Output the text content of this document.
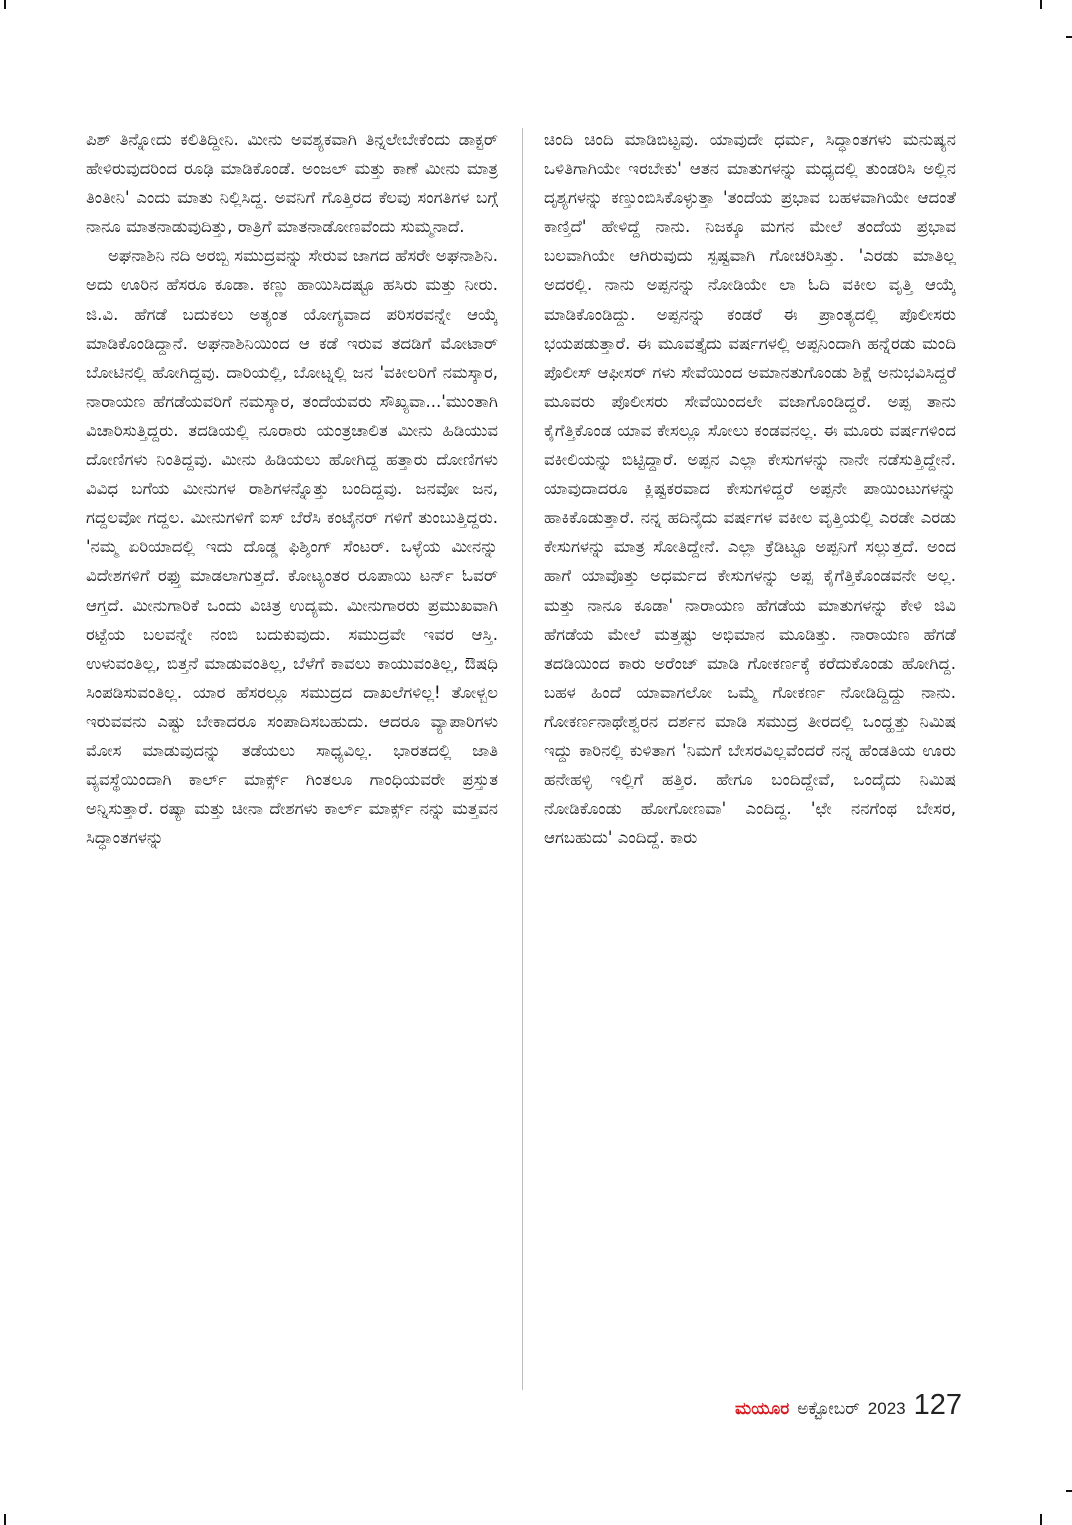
ಪಿಶ್ ತಿನ್ನೋದು ಕಲಿತಿದ್ದೀನಿ. ಮೀನು ಅವಶ್ಯಕವಾಗಿ ತಿನ್ನಲೇಬೇಕೆಂದು ಡಾಕ್ಟರ್ ಹೇಳಿರುವುದರಿಂದ ರೂಢಿ ಮಾಡಿಕೊಂಡೆ. ಅಂಜಲ್ ಮತ್ತು ಕಾಣೆ ಮೀನು ಮಾತ್ರ ತಿಂತೀನಿ' ಎಂದು ಮಾತು ನಿಲ್ಲಿಸಿದ್ದ. ಅವನಿಗೆ ಗೊತ್ತಿರದ ಕೆಲವು ಸಂಗತಿಗಳ ಬಗ್ಗೆ ನಾನೂ ಮಾತನಾಡುವುದಿತ್ತು, ರಾತ್ರಿಗೆ ಮಾತನಾಡೋಣವೆಂದು ಸುಮ್ಮನಾದೆ.

ಅಘನಾಶಿನಿ ನದಿ ಅರಬ್ಬಿ ಸಮುದ್ರವನ್ನು ಸೇರುವ ಜಾಗದ ಹೆಸರೇ ಅಘನಾಶಿನಿ. ಅದು ಊರಿನ ಹೆಸರೂ ಕೂಡಾ. ಕಣ್ಣು ಹಾಯಿಸಿದಷ್ಟೂ ಹಸಿರು ಮತ್ತು ನೀರು. ಜಿ.ವಿ. ಹೆಗಡೆ ಬದುಕಲು ಅತ್ಯಂತ ಯೋಗ್ಯವಾದ ಪರಿಸರವನ್ನೇ ಆಯ್ಕೆ ಮಾಡಿಕೊಂಡಿದ್ದಾನೆ. ಅಘನಾಶಿನಿಯಿಂದ ಆ ಕಡೆ ಇರುವ ತದಡಿಗೆ ಮೋಟಾರ್ ಬೋಟಿನಲ್ಲಿ ಹೋಗಿದ್ದವು. ದಾರಿಯಲ್ಲಿ, ಬೋಟ್ನಲ್ಲಿ ಜನ 'ವಕೀಲರಿಗೆ ನಮಸ್ಕಾರ, ನಾರಾಯಣ ಹೆಗಡೆಯವರಿಗೆ ನಮಸ್ಕಾರ, ತಂದೆಯವರು ಸೌಖ್ಯವಾ...'ಮುಂತಾಗಿ ವಿಚಾರಿಸುತ್ತಿದ್ದರು. ತದಡಿಯಲ್ಲಿ ನೂರಾರು ಯಂತ್ರಚಾಲಿತ ಮೀನು ಹಿಡಿಯುವ ದೋಣಿಗಳು ನಿಂತಿದ್ದವು. ಮೀನು ಹಿಡಿಯಲು ಹೋಗಿದ್ದ ಹತ್ತಾರು ದೋಣಿಗಳು ವಿವಿಧ ಬಗೆಯ ಮೀನುಗಳ ರಾಶಿಗಳನ್ನೊತ್ತು ಬಂದಿದ್ದವು. ಜನವೋ ಜನ, ಗದ್ದಲವೋ ಗದ್ದಲ. ಮೀನುಗಳಿಗೆ ಐಸ್ ಬೆರೆಸಿ ಕಂಟೈನರ್ ಗಳಿಗೆ ತುಂಬುತ್ತಿದ್ದರು. 'ನಮ್ಮ ಏರಿಯಾದಲ್ಲಿ ಇದು ದೊಡ್ಡ ಫಿಶ್ಶಿಂಗ್ ಸೆಂಟರ್. ಒಳ್ಳೆಯ ಮೀನನ್ನು ವಿದೇಶಗಳಿಗೆ ರಫ್ತು ಮಾಡಲಾಗುತ್ತದೆ. ಕೋಟ್ಯಂತರ ರೂಪಾಯಿ ಟರ್ನ್ ಓವರ್ ಆಗ್ತದೆ. ಮೀನುಗಾರಿಕೆ ಒಂದು ವಿಚಿತ್ರ ಉದ್ಯಮ. ಮೀನುಗಾರರು ಪ್ರಮುಖವಾಗಿ ರಟ್ಟೆಯ ಬಲವನ್ನೇ ನಂಬಿ ಬದುಕುವುದು. ಸಮುದ್ರವೇ ಇವರ ಆಸ್ತಿ. ಉಳುವಂತಿಲ್ಲ, ಬಿತ್ತನೆ ಮಾಡುವಂತಿಲ್ಲ, ಬೆಳೆಗೆ ಕಾವಲು ಕಾಯುವಂತಿಲ್ಲ, ಔಷಧಿ ಸಿಂಪಡಿಸುವಂತಿಲ್ಲ. ಯಾರ ಹೆಸರಲ್ಲೂ ಸಮುದ್ರದ ದಾಖಲೆಗಳಿಲ್ಲ! ತೋಳ್ಬಲ ಇರುವವನು ಎಷ್ಟು ಬೇಕಾದರೂ ಸಂಪಾದಿಸಬಹುದು. ಆದರೂ ವ್ಯಾಪಾರಿಗಳು ಮೋಸ ಮಾಡುವುದನ್ನು ತಡೆಯಲು ಸಾಧ್ಯವಿಲ್ಲ. ಭಾರತದಲ್ಲಿ ಜಾತಿ ವ್ಯವಸ್ಥೆಯಿಂದಾಗಿ ಕಾರ್ಲ್ ಮಾರ್ಕ್ಸ್ ಗಿಂತಲೂ ಗಾಂಧಿಯವರೇ ಪ್ರಸ್ತುತ ಅನ್ನಿಸುತ್ತಾರೆ. ರಷ್ಯಾ ಮತ್ತು ಚೀನಾ ದೇಶಗಳು ಕಾರ್ಲ್ ಮಾರ್ಕ್ಸ್ ನನ್ನು ಮತ್ತವನ ಸಿದ್ಧಾಂತಗಳನ್ನು

ಚಿಂದಿ ಚಿಂದಿ ಮಾಡಿಬಿಟ್ಟವು. ಯಾವುದೇ ಧರ್ಮ, ಸಿದ್ಧಾಂತಗಳು ಮನುಷ್ಯನ ಒಳಿತಿಗಾಗಿಯೇ ಇರಬೇಕು' ಆತನ ಮಾತುಗಳನ್ನು ಮಧ್ಯದಲ್ಲಿ ತುಂಡರಿಸಿ ಅಲ್ಲಿನ ದೃಶ್ಯಗಳನ್ನು ಕಣ್ತುಂಬಿಸಿಕೊಳ್ಳುತ್ತಾ 'ತಂದೆಯ ಪ್ರಭಾವ ಬಹಳವಾಗಿಯೇ ಆದಂತೆ ಕಾಣ್ತಿದೆ' ಹೇಳಿದ್ದೆ ನಾನು. ನಿಜಕ್ಕೂ ಮಗನ ಮೇಲೆ ತಂದೆಯ ಪ್ರಭಾವ ಬಲವಾಗಿಯೇ ಆಗಿರುವುದು ಸ್ಪಷ್ಟವಾಗಿ ಗೋಚರಿಸಿತ್ತು. 'ಎರಡು ಮಾತಿಲ್ಲ ಅದರಲ್ಲಿ. ನಾನು ಅಪ್ಪನನ್ನು ನೋಡಿಯೇ ಲಾ ಓದಿ ವಕೀಲ ವೃತ್ತಿ ಆಯ್ಕೆ ಮಾಡಿಕೊಂಡಿದ್ದು. ಅಪ್ಪನನ್ನು ಕಂಡರೆ ಈ ಪ್ರಾಂತ್ಯದಲ್ಲಿ ಪೊಲೀಸರು ಭಯಪಡುತ್ತಾರೆ. ಈ ಮೂವತ್ತೈದು ವರ್ಷಗಳಲ್ಲಿ ಅಪ್ಪನಿಂದಾಗಿ ಹನ್ನೆರಡು ಮಂದಿ ಪೊಲೀಸ್ ಆಫೀಸರ್ ಗಳು ಸೇವೆಯಿಂದ ಅಮಾನತುಗೊಂಡು ಶಿಕ್ಷೆ ಅನುಭವಿಸಿದ್ದರೆ ಮೂವರು ಪೊಲೀಸರು ಸೇವೆಯಿಂದಲೇ ವಜಾಗೊಂಡಿದ್ದರೆ. ಅಪ್ಪ ತಾನು ಕೈಗೆತ್ತಿಕೊಂಡ ಯಾವ ಕೇಸಲ್ಲೂ ಸೋಲು ಕಂಡವನಲ್ಲ. ಈ ಮೂರು ವರ್ಷಗಳಿಂದ ವಕೀಲಿಯನ್ನು ಬಿಟ್ಟಿದ್ದಾರೆ. ಅಪ್ಪನ ಎಲ್ಲಾ ಕೇಸುಗಳನ್ನು ನಾನೇ ನಡೆಸುತ್ತಿದ್ದೇನೆ. ಯಾವುದಾದರೂ ಕ್ಲಿಷ್ಟಕರವಾದ ಕೇಸುಗಳಿದ್ದರೆ ಅಪ್ಪನೇ ಪಾಯಿಂಟುಗಳನ್ನು ಹಾಕಿಕೊಡುತ್ತಾರೆ. ನನ್ನ ಹದಿನೈದು ವರ್ಷಗಳ ವಕೀಲ ವೃತ್ತಿಯಲ್ಲಿ ಎರಡೇ ಎರಡು ಕೇಸುಗಳನ್ನು ಮಾತ್ರ ಸೋತಿದ್ದೇನೆ. ಎಲ್ಲಾ ಕ್ರೆಡಿಟ್ಟೂ ಅಪ್ಪನಿಗೆ ಸಲ್ಲುತ್ತದೆ. ಅಂದ ಹಾಗೆ ಯಾವೊತ್ತು ಅಧರ್ಮದ ಕೇಸುಗಳನ್ನು ಅಪ್ಪ ಕೈಗೆತ್ತಿಕೊಂಡವನೇ ಅಲ್ಲ. ಮತ್ತು ನಾನೂ ಕೂಡಾ' ನಾರಾಯಣ ಹೆಗಡೆಯ ಮಾತುಗಳನ್ನು ಕೇಳಿ ಜಿವಿ ಹೆಗಡೆಯ ಮೇಲೆ ಮತ್ತಷ್ಟು ಅಭಿಮಾನ ಮೂಡಿತ್ತು. ನಾರಾಯಣ ಹೆಗಡೆ ತದಡಿಯಿಂದ ಕಾರು ಅರೆಂಜ್ ಮಾಡಿ ಗೋಕರ್ಣಕ್ಕೆ ಕರೆದುಕೊಂಡು ಹೋಗಿದ್ದ. ಬಹಳ ಹಿಂದೆ ಯಾವಾಗಲೋ ಒಮ್ಮೆ ಗೋಕರ್ಣ ನೋಡಿದ್ದಿದ್ದು ನಾನು. ಗೋಕರ್ಣನಾಥೇಶ್ವರನ ದರ್ಶನ ಮಾಡಿ ಸಮುದ್ರ ತೀರದಲ್ಲಿ ಒಂದ್ಹತ್ತು ನಿಮಿಷ ಇದ್ದು ಕಾರಿನಲ್ಲಿ ಕುಳಿತಾಗ 'ನಿಮಗೆ ಬೇಸರವಿಲ್ಲವೆಂದರೆ ನನ್ನ ಹೆಂಡತಿಯ ಊರು ಹನೇಹಳ್ಳಿ ಇಲ್ಲಿಗೆ ಹತ್ತಿರ. ಹೇಗೂ ಬಂದಿದ್ದೇವೆ, ಒಂದೈದು ನಿಮಿಷ ನೋಡಿಕೊಂಡು ಹೋಗೋಣವಾ' ಎಂದಿದ್ದ. 'ಛೇ ನನಗೆಂಥ ಬೇಸರ, ಆಗಬಹುದು' ಎಂದಿದ್ದೆ. ಕಾರು

ಮಯೂರ ಅಕ್ಟೋಬರ್ 2023 127
